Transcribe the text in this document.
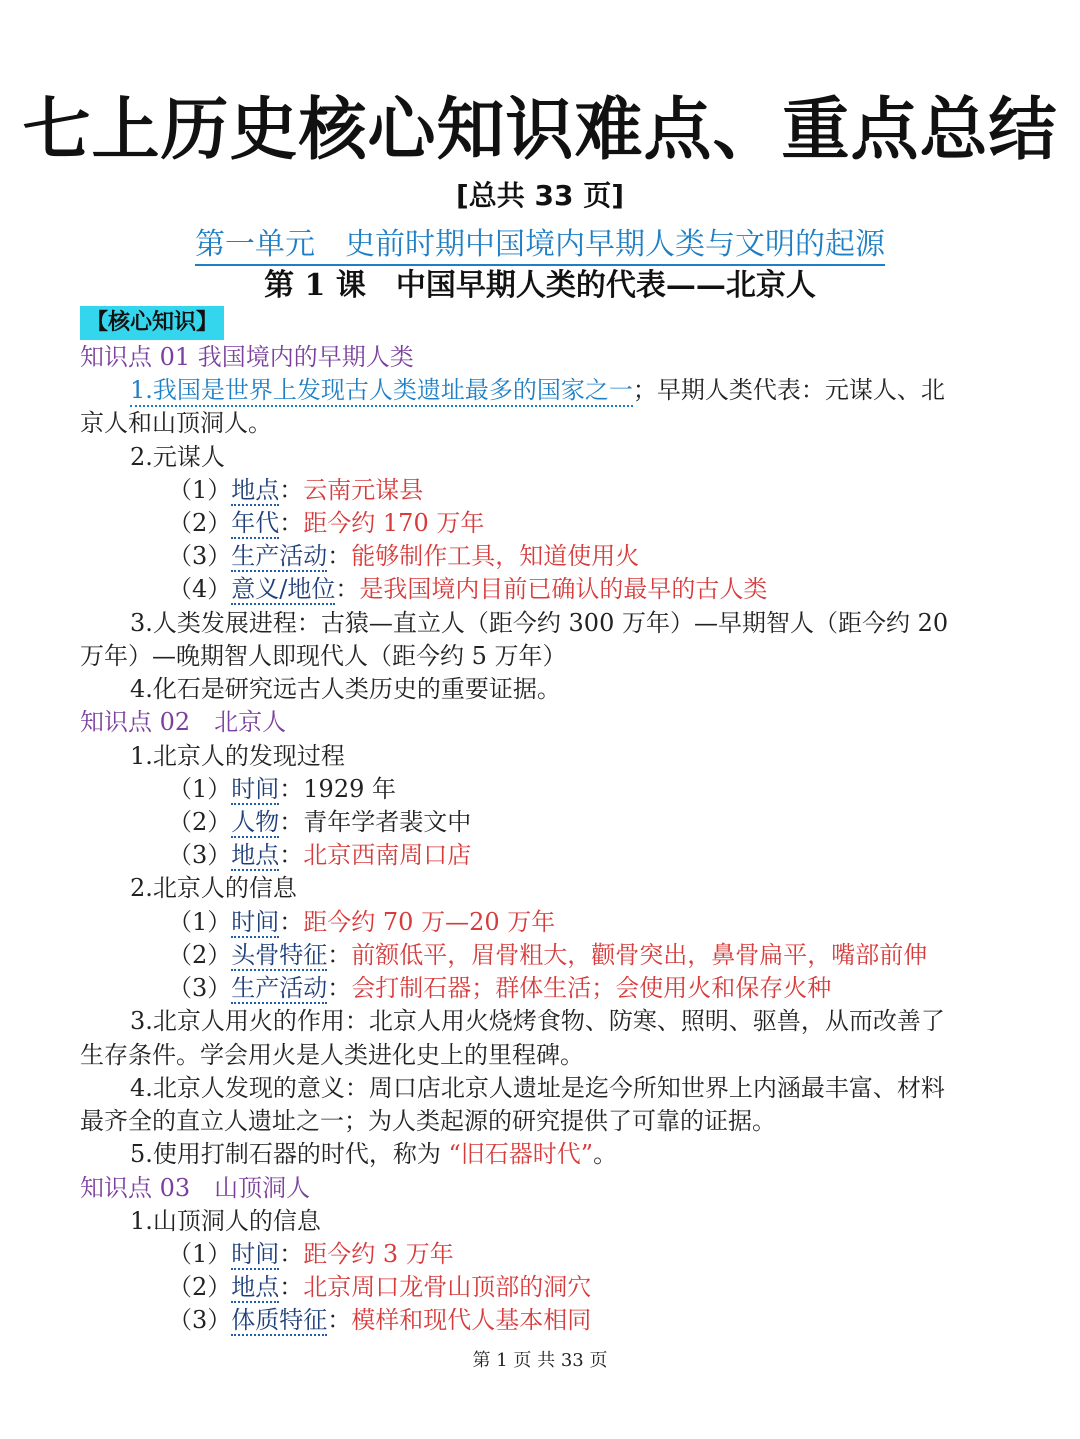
七上历史核心知识难点、重点总结
[总共 33 页]
第一单元　史前时期中国境内早期人类与文明的起源
第 1 课　中国早期人类的代表——北京人
【核心知识】
知识点 01 我国境内的早期人类
1.我国是世界上发现古人类遗址最多的国家之一；早期人类代表：元谋人、北
京人和山顶洞人。
2.元谋人
（1）地点：云南元谋县
（2）年代：距今约 170 万年
（3）生产活动：能够制作工具，知道使用火
（4）意义/地位：是我国境内目前已确认的最早的古人类
3.人类发展进程：古猿—直立人（距今约 300 万年）—早期智人（距今约 20
万年）—晚期智人即现代人（距今约 5 万年）
4.化石是研究远古人类历史的重要证据。
知识点 02　北京人
1.北京人的发现过程
（1）时间：1929 年
（2）人物：青年学者裴文中
（3）地点：北京西南周口店
2.北京人的信息
（1）时间：距今约 70 万—20 万年
（2）头骨特征：前额低平，眉骨粗大，颧骨突出，鼻骨扁平，嘴部前伸
（3）生产活动：会打制石器；群体生活；会使用火和保存火种
3.北京人用火的作用：北京人用火烧烤食物、防寒、照明、驱兽，从而改善了
生存条件。学会用火是人类进化史上的里程碑。
4.北京人发现的意义：周口店北京人遗址是迄今所知世界上内涵最丰富、材料
最齐全的直立人遗址之一；为人类起源的研究提供了可靠的证据。
5.使用打制石器的时代，称为 “旧石器时代”。
知识点 03　山顶洞人
1.山顶洞人的信息
（1）时间：距今约 3 万年
（2）地点：北京周口龙骨山顶部的洞穴
（3）体质特征：模样和现代人基本相同
第 1 页 共 33 页
